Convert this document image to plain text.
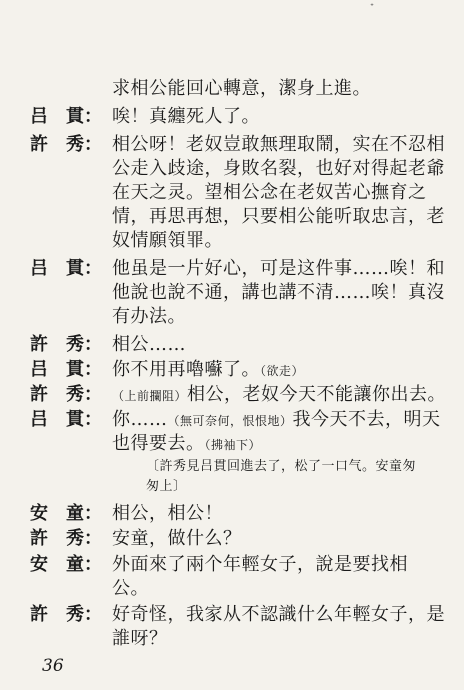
ᐩ
求相公能回心轉意，潔身上進。
吕　貫： 唉！真纏死人了。
許　秀： 相公呀！老奴豈敢無理取鬧，实在不忍相
公走入歧途，身敗名裂，也好对得起老爺
在天之灵。望相公念在老奴苦心撫育之
情，再思再想，只要相公能听取忠言，老
奴情願領罪。
吕　貫： 他虽是一片好心，可是这件事……唉！和
他說也說不通，講也講不清……唉！真沒
有办法。
許　秀： 相公……
吕　貫： 你不用再嚕囌了。（欲走）
許　秀： （上前攔阻）相公，老奴今天不能讓你出去。
吕　貫： 你……（無可奈何，恨恨地）我今天不去，明天
也得要去。（拂袖下）
〔許秀見吕貫回進去了，松了一口气。安童匆
匆上〕
安　童： 相公，相公！
許　秀： 安童，做什么？
安　童： 外面來了兩个年輕女子，說是要找相
公。
許　秀： 好奇怪，我家从不認識什么年輕女子，是
誰呀？
36
